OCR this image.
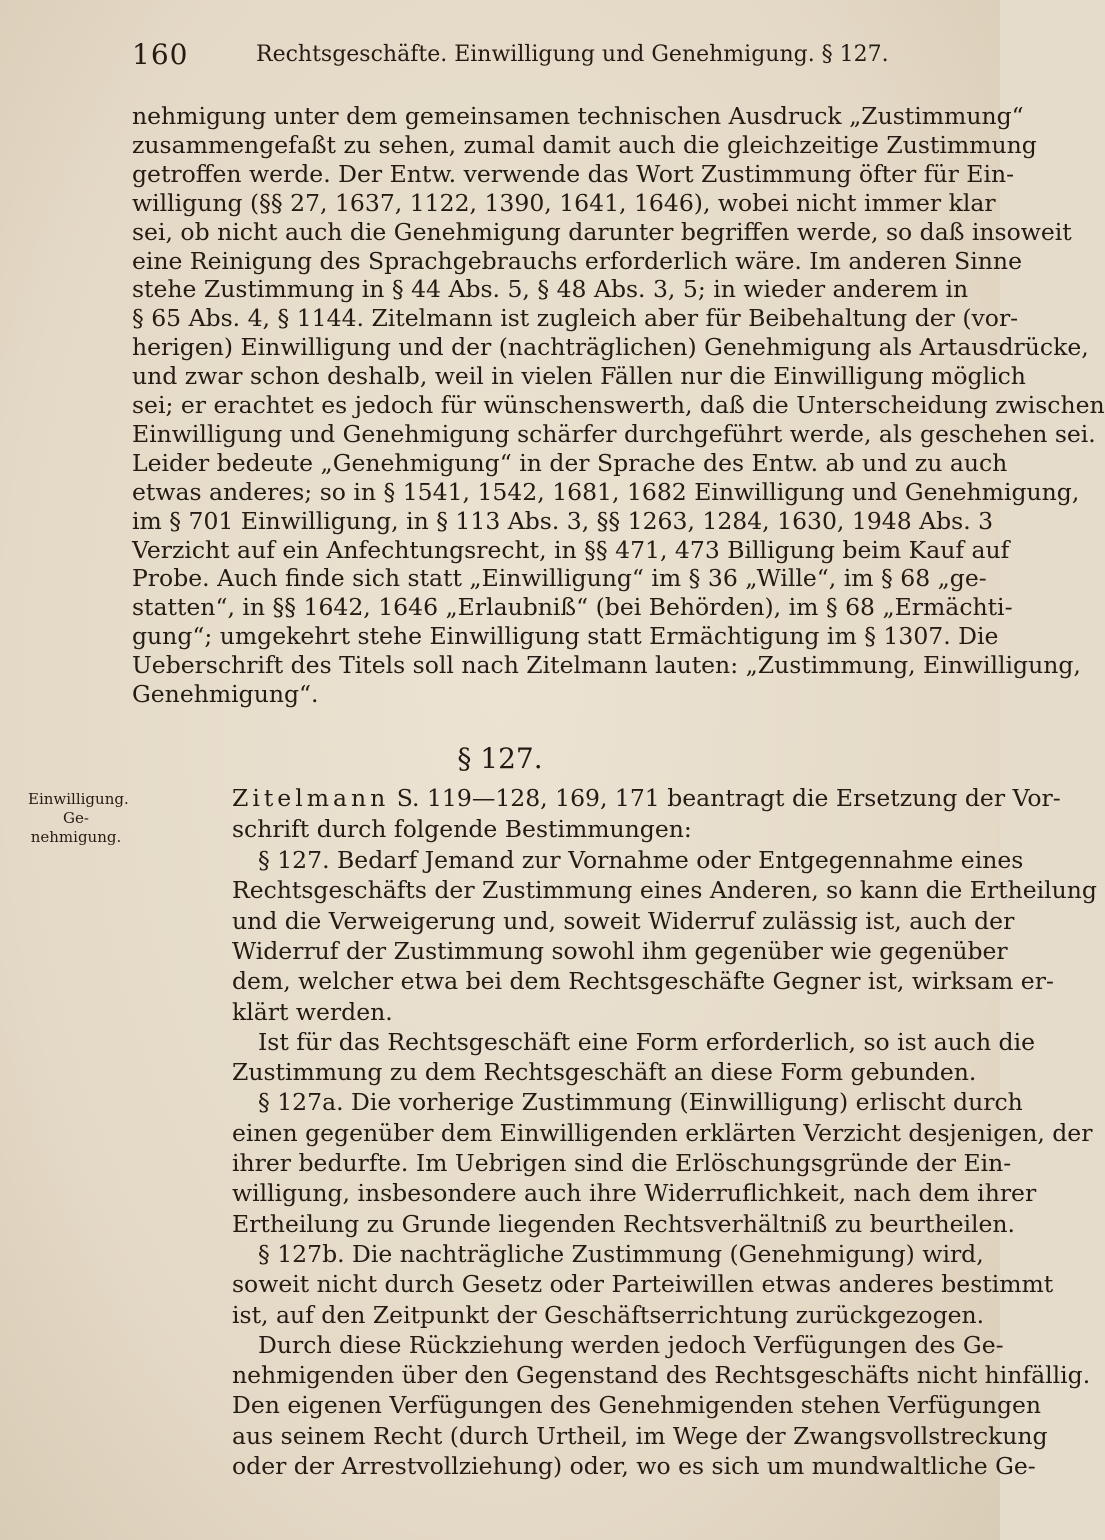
160	Rechtsgeschäfte. Einwilligung und Genehmigung. § 127.
nehmigung unter dem gemeinsamen technischen Ausdruck „Zustimmung“
zusammengefaßt zu sehen, zumal damit auch die gleichzeitige Zustimmung
getroffen werde. Der Entw. verwende das Wort Zustimmung öfter für Ein-
willigung (§§ 27, 1637, 1122, 1390, 1641, 1646), wobei nicht immer klar
sei, ob nicht auch die Genehmigung darunter begriffen werde, so daß insoweit
eine Reinigung des Sprachgebrauchs erforderlich wäre. Im anderen Sinne
stehe Zustimmung in § 44 Abs. 5, § 48 Abs. 3, 5; in wieder anderem in
§ 65 Abs. 4, § 1144. Zitelmann ist zugleich aber für Beibehaltung der (vor-
herigen) Einwilligung und der (nachträglichen) Genehmigung als Artausdrücke,
und zwar schon deshalb, weil in vielen Fällen nur die Einwilligung möglich
sei; er erachtet es jedoch für wünschenswerth, daß die Unterscheidung zwischen
Einwilligung und Genehmigung schärfer durchgeführt werde, als geschehen sei.
Leider bedeute „Genehmigung“ in der Sprache des Entw. ab und zu auch
etwas anderes; so in § 1541, 1542, 1681, 1682 Einwilligung und Genehmigung,
im § 701 Einwilligung, in § 113 Abs. 3, §§ 1263, 1284, 1630, 1948 Abs. 3
Verzicht auf ein Anfechtungsrecht, in §§ 471, 473 Billigung beim Kauf auf
Probe. Auch finde sich statt „Einwilligung“ im § 36 „Wille“, im § 68 „ge-
statten“, in §§ 1642, 1646 „Erlaubniß“ (bei Behörden), im § 68 „Ermächti-
gung“; umgekehrt stehe Einwilligung statt Ermächtigung im § 1307. Die
Ueberschrift des Titels soll nach Zitelmann lauten: „Zustimmung, Einwilligung,
Genehmigung“.
§ 127.
Einwilligung.
Ge-
nehmigung.
Zitelmann S. 119—128, 169, 171 beantragt die Ersetzung der Vor-
schrift durch folgende Bestimmungen:
§ 127. Bedarf Jemand zur Vornahme oder Entgegennahme eines
Rechtsgeschäfts der Zustimmung eines Anderen, so kann die Ertheilung
und die Verweigerung und, soweit Widerruf zulässig ist, auch der
Widerruf der Zustimmung sowohl ihm gegenüber wie gegenüber
dem, welcher etwa bei dem Rechtsgeschäfte Gegner ist, wirksam er-
klärt werden.
Ist für das Rechtsgeschäft eine Form erforderlich, so ist auch die
Zustimmung zu dem Rechtsgeschäft an diese Form gebunden.
§ 127a. Die vorherige Zustimmung (Einwilligung) erlischt durch
einen gegenüber dem Einwilligenden erklärten Verzicht desjenigen, der
ihrer bedurfte. Im Uebrigen sind die Erlöschungsgründe der Ein-
willigung, insbesondere auch ihre Widerruflichkeit, nach dem ihrer
Ertheilung zu Grunde liegenden Rechtsverhältniß zu beurtheilen.
§ 127b. Die nachträgliche Zustimmung (Genehmigung) wird,
soweit nicht durch Gesetz oder Parteiwillen etwas anderes bestimmt
ist, auf den Zeitpunkt der Geschäftserrichtung zurückgezogen.
Durch diese Rückziehung werden jedoch Verfügungen des Ge-
nehmigenden über den Gegenstand des Rechtsgeschäfts nicht hinfällig.
Den eigenen Verfügungen des Genehmigenden stehen Verfügungen
aus seinem Recht (durch Urtheil, im Wege der Zwangsvollstreckung
oder der Arrestvollziehung) oder, wo es sich um mundwaltliche Ge-
